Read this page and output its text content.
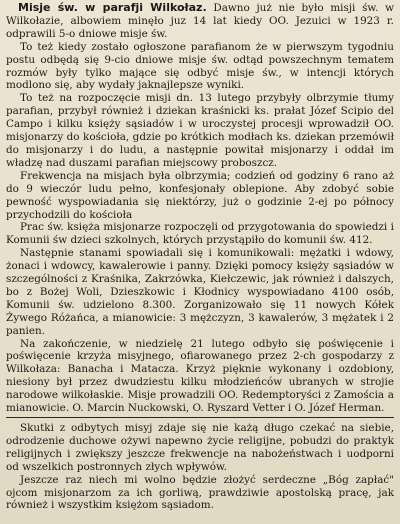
Misje św. w parafji Wilkołaz. Dawno już nie było misji św. w Wilkołazie, albowiem minęło juz 14 lat kiedy OO. Jezuici w 1923 r. odprawili 5-o dniowe misje św.

To też kiedy zostało ogłoszone parafianom że w pierwszym tygodniu postu odbędą się 9-cio dniowe misje św. odtąd powszechnym tematem rozmów były tylko mające się odbyć misje św., w intencji których modlono się, aby wydały jaknajlepsze wyniki.

To też na rozpoczęcie misji dn. 13 lutego przybyły olbrzymie tłumy parafian, przybył również i dziekan kraśnicki ks. prałat Józef Scipio del Campo i kilku księży sąsiadów i w uroczystej procesji wprowadził OO. misjonarzy do kościoła, gdzie po krótkich modłach ks. dziekan przemówił do misjonarzy i do ludu, a następnie powitał misjonarzy i oddał im władzę nad duszami parafian miejscowy proboszcz.

Frekwencja na misjach była olbrzymia; codzień od godziny 6 rano aż do 9 wieczór ludu pełno, konfesjonały oblepione. Aby zdobyć sobie pewność wyspowiadania się niektórzy, już o godzinie 2-ej po północy przychodzili do kościoła

Prac św. księża misjonarze rozpoczęli od przygotowania do spowiedzi i Komunii św dzieci szkolnych, których przystąpiło do komunii św. 412.

Następnie stanami spowiadali się i komunikowali: mężatki i wdowy, żonaci i wdowcy, kawalerowie i panny. Dzięki pomocy księży sąsiadów w szczególności z Kraśnika, Zakrzówka, Kiełczewic, jak również i dalszych, bo z Bożej Woli, Dzieszkowic i Kłodnicy wyspowiadano 4100 osób, Komunii św. udzielono 8.300. Zorganizowało się 11 nowych Kółek Żywego Różańca, a mianowicie: 3 mężczyzn, 3 kawalerów, 3 mężatek i 2 panien.

Na zakończenie, w niedzielę 21 lutego odbyło się poświęcenie i poświęcenie krzyża misyjnego, ofiarowanego przez 2-ch gospodarzy z Wilkołaza: Banacha i Matacza. Krzyż pięknie wykonany i ozdobiony, niesiony był przez dwudziestu kilku młodzieńców ubranych w strojie narodowe wilkołaskie. Misje prowadzili OO. Redemptoryści z Zamościa a mianowicie. O. Marcin Nuckowski, O. Ryszard Vetter i O. Józef Herman.

Skutki z odbytych misyj zdaje się nie każą długo czekać na siebie, odrodzenie duchowe ożywi napewno życie religijne, pobudzi do praktyk religijnych i zwiększy jeszcze frekwencje na nabożeństwach i uodporni od wszelkich postronnych złych wpływów.

Jeszcze raz niech mi wolno będzie złożyć serdeczne „Bóg zapłać" ojcom misjonarzom za ich gorliwą, prawdziwie apostolską pracę, jak również i wszystkim księżom sąsiadom.
